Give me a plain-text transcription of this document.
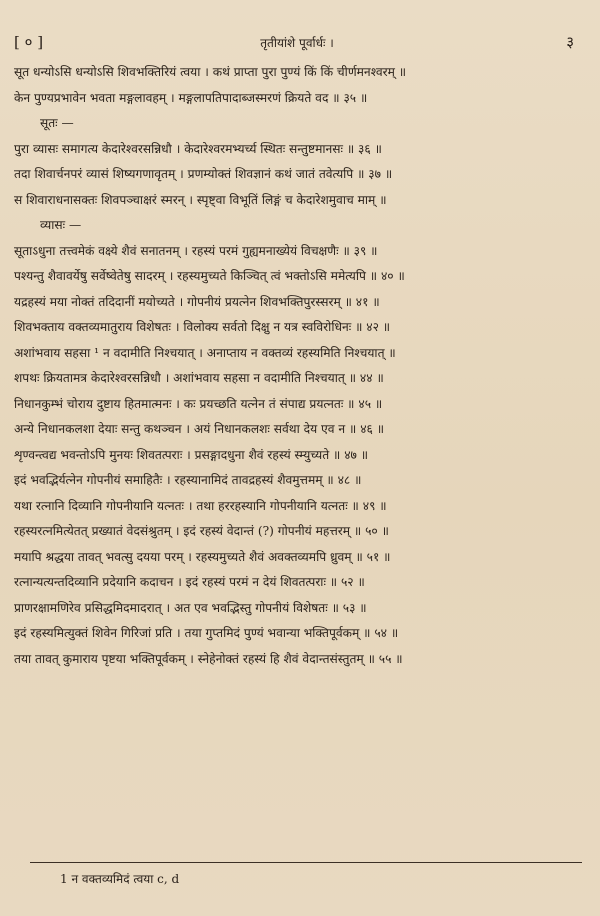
[ ० ]	तृतीयांशे पूर्वार्धः ।	३
सूत धन्योऽसि धन्योऽसि शिवभक्तिरियं त्वया । कथं प्राप्ता पुरा पुण्यं किं किं चीर्णमनश्वरम् ॥
केन पुण्यप्रभावेन भवता मङ्गलावहम् । मङ्गलापतिपादाब्जस्मरणं क्रियते वद ॥ ३५ ॥
सूतः —
पुरा व्यासः समागत्य केदारेश्वरसन्निधौ । केदारेश्वरमभ्यर्च्य स्थितः सन्तुष्टमानसः ॥ ३६ ॥
तदा शिवार्चनपरं व्यासं शिष्यगणावृतम् । प्रणम्योक्तं शिवज्ञानं कथं जातं तवेत्यपि ॥ ३७ ॥
स शिवाराधनासक्तः शिवपञ्चाक्षरं स्मरन् । स्पृष्ट्वा विभूतिं लिङ्गं च केदारेशमुवाच माम् ॥
व्यासः —
सूताऽधुना तत्त्वमेकं वक्ष्ये शैवं सनातनम् । रहस्यं परमं गुह्यमनाख्येयं विचक्षणैः ॥ ३९ ॥
पश्यन्तु शैवावर्येषु सर्वेष्वेतेषु सादरम् । रहस्यमुच्यते किञ्चित् त्वं भक्तोऽसि ममेत्यपि ॥ ४० ॥
यद्रहस्यं मया नोक्तं तदिदानीं मयोच्यते । गोपनीयं प्रयत्नेन शिवभक्तिपुरस्सरम् ॥ ४१ ॥
शिवभक्ताय वक्तव्यमातुराय विशेषतः । विलोक्य सर्वतो दिक्षु न यत्र स्वविरोधिनः ॥ ४२ ॥
अशांभवाय सहसा ¹ न वदामीति निश्चयात् । अनाप्ताय न वक्तव्यं रहस्यमिति निश्चयात् ॥
शपथः क्रियतामत्र केदारेश्वरसन्निधौ । अशांभवाय सहसा न वदामीति निश्चयात् ॥ ४४ ॥
निधानकुम्भं चोराय दुष्टाय हितमात्मनः । कः प्रयच्छति यत्नेन तं संपाद्य प्रयत्नतः ॥ ४५ ॥
अन्ये निधानकलशा देयाः सन्तु कथञ्चन । अयं निधानकलशः सर्वथा देय एव न ॥ ४६ ॥
शृण्वन्त्वद्य भवन्तोऽपि मुनयः शिवतत्पराः । प्रसङ्गादधुना शैवं रहस्यं स्म्युच्यते ॥ ४७ ॥
इदं भवद्भिर्यत्नेन गोपनीयं समाहितैः । रहस्यानामिदं तावद्रहस्यं शैवमुत्तमम् ॥ ४८ ॥
यथा रत्नानि दिव्यानि गोपनीयानि यत्नतः । तथा हररहस्यानि गोपनीयानि यत्नतः ॥ ४९ ॥
रहस्यरत्नमित्येतत् प्रख्यातं वेदसंश्रुतम् । इदं रहस्यं वेदान्तं (?) गोपनीयं महत्तरम् ॥ ५० ॥
मयापि श्रद्धया तावत् भवत्सु दयया परम् । रहस्यमुच्यते शैवं अवक्तव्यमपि ध्रुवम् ॥ ५१ ॥
रत्नान्यत्यन्तदिव्यानि प्रदेयानि कदाचन । इदं रहस्यं परमं न देयं शिवतत्पराः ॥ ५२ ॥
प्राणरक्षामणिरेव प्रसिद्धमिदमादरात् । अत एव भवद्भिस्तु गोपनीयं विशेषतः ॥ ५३ ॥
इदं रहस्यमित्युक्तं शिवेन गिरिजां प्रति । तया गुप्तमिदं पुण्यं भवान्या भक्तिपूर्वकम् ॥ ५४ ॥
तया तावत् कुमाराय पृष्टया भक्तिपूर्वकम् । स्नेहेनोक्तं रहस्यं हि शैवं वेदान्तसंस्तुतम् ॥ ५५ ॥
1 न वक्तव्यमिदं त्वया c, d
